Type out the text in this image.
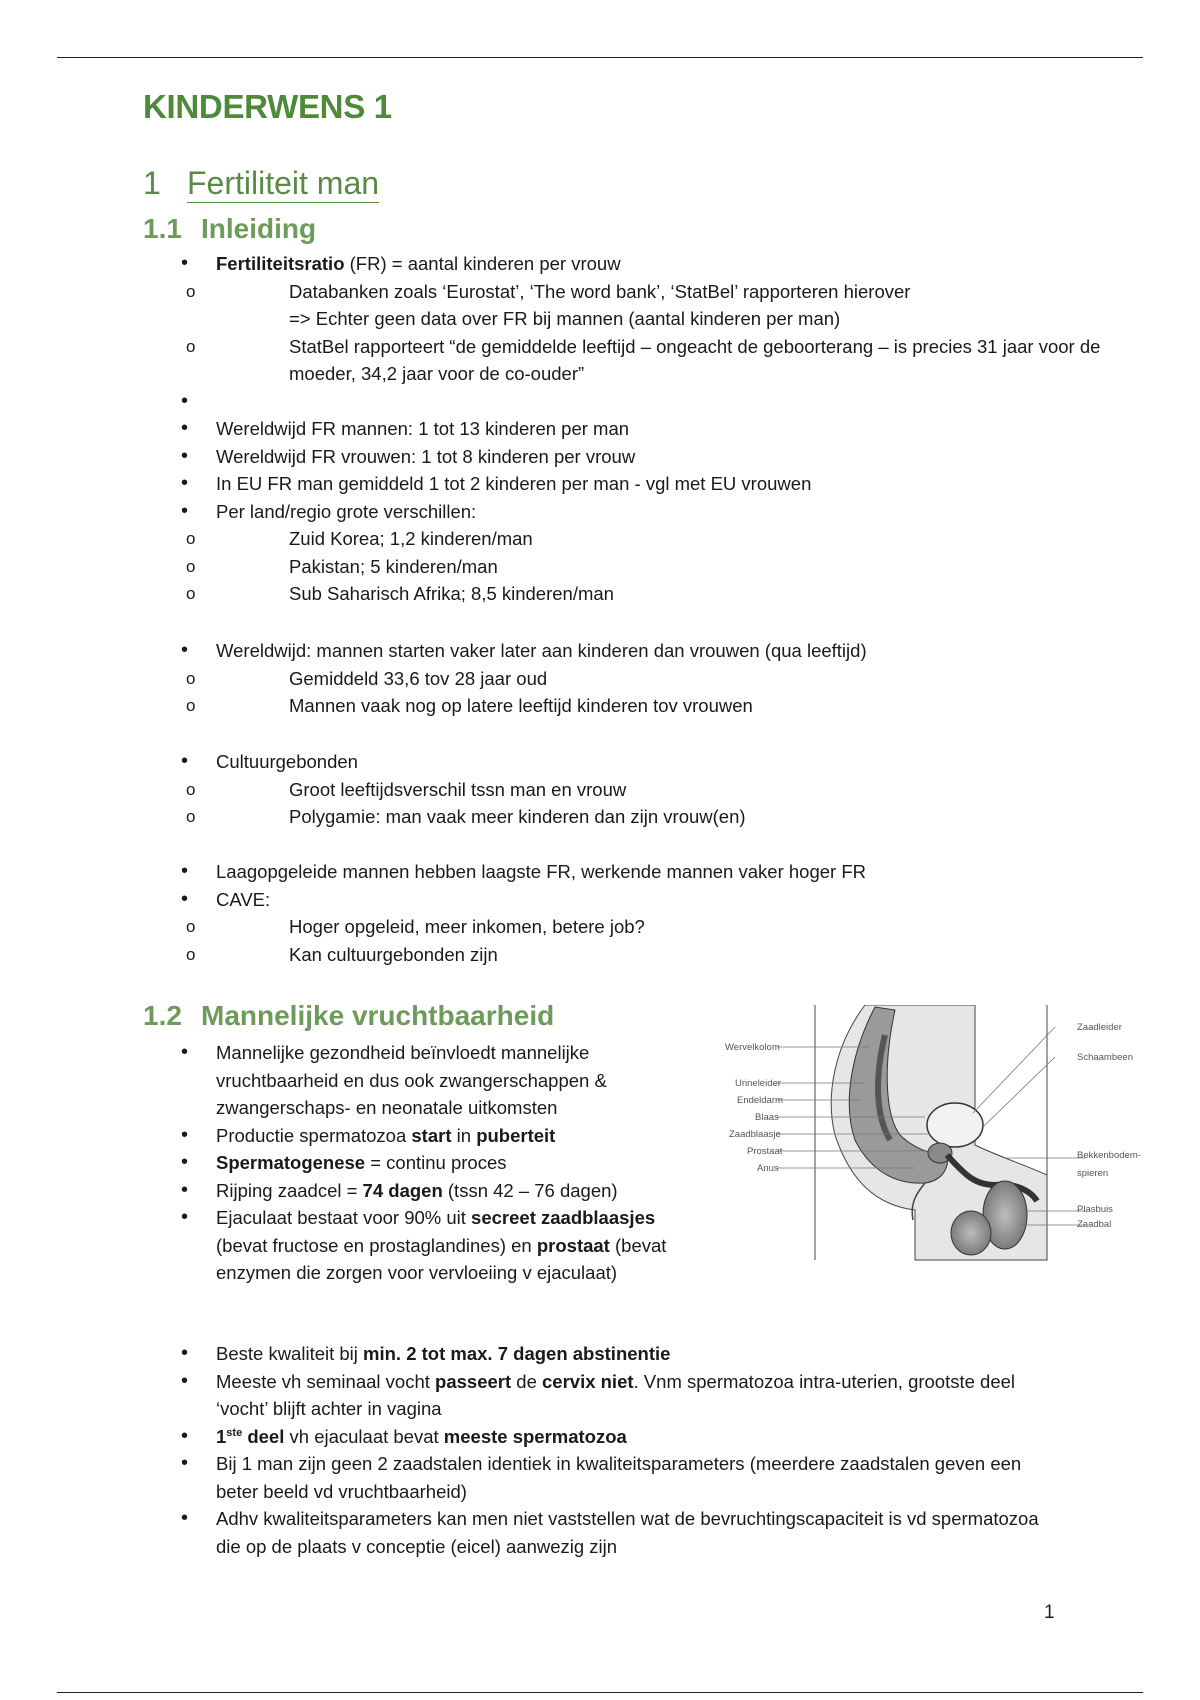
KINDERWENS 1
1 Fertiliteit man
1.1 Inleiding
• Fertiliteitsratio (FR) = aantal kinderen per vrouw
o Databanken zoals ‘Eurostat’, ‘The word bank’, ‘StatBel’ rapporteren hierover
=> Echter geen data over FR bij mannen (aantal kinderen per man)
o StatBel rapporteert “de gemiddelde leeftijd – ongeacht de geboorterang – is precies 31 jaar voor de moeder, 34,2 jaar voor de co-ouder”
•
• Wereldwijd FR mannen: 1 tot 13 kinderen per man
• Wereldwijd FR vrouwen: 1 tot 8 kinderen per vrouw
• In EU FR man gemiddeld 1 tot 2 kinderen per man - vgl met EU vrouwen
• Per land/regio grote verschillen:
o Zuid Korea; 1,2 kinderen/man
o Pakistan; 5 kinderen/man
o Sub Saharisch Afrika; 8,5 kinderen/man
• Wereldwijd: mannen starten vaker later aan kinderen dan vrouwen (qua leeftijd)
o Gemiddeld 33,6 tov 28 jaar oud
o Mannen vaak nog op latere leeftijd kinderen tov vrouwen
• Cultuurgebonden
o Groot leeftijdsverschil tssn man en vrouw
o Polygamie: man vaak meer kinderen dan zijn vrouw(en)
• Laagopgeleide mannen hebben laagste FR, werkende mannen vaker hoger FR
• CAVE:
o Hoger opgeleid, meer inkomen, betere job?
o Kan cultuurgebonden zijn
1.2 Mannelijke vruchtbaarheid
• Mannelijke gezondheid beïnvloedt mannelijke vruchtbaarheid en dus ook zwangerschappen & zwangerschaps- en neonatale uitkomsten
• Productie spermatozoa start in puberteit
• Spermatogenese = continu proces
• Rijping zaadcel = 74 dagen (tssn 42 – 76 dagen)
• Ejaculaat bestaat voor 90% uit secreet zaadblaasjes (bevat fructose en prostaglandines) en prostaat (bevat enzymen die zorgen voor vervloeiing v ejaculaat)
• Beste kwaliteit bij min. 2 tot max. 7 dagen abstinentie
• Meeste vh seminaal vocht passeert de cervix niet. Vnm spermatozoa intra-uterien, grootste deel ‘vocht’ blijft achter in vagina
• 1ste deel vh ejaculaat bevat meeste spermatozoa
• Bij 1 man zijn geen 2 zaadstalen identiek in kwaliteitsparameters (meerdere zaadstalen geven een beter beeld vd vruchtbaarheid)
• Adhv kwaliteitsparameters kan men niet vaststellen wat de bevruchtingscapaciteit is vd spermatozoa die op de plaats v conceptie (eicel) aanwezig zijn
Wervelkolom
Urineleider
Endeldarm
Blaas
Zaadblaasje
Prostaat
Anus
Zaadleider
Schaambeen
Bekkenbodem-
spieren
Plasbuis
Zaadbal
1
